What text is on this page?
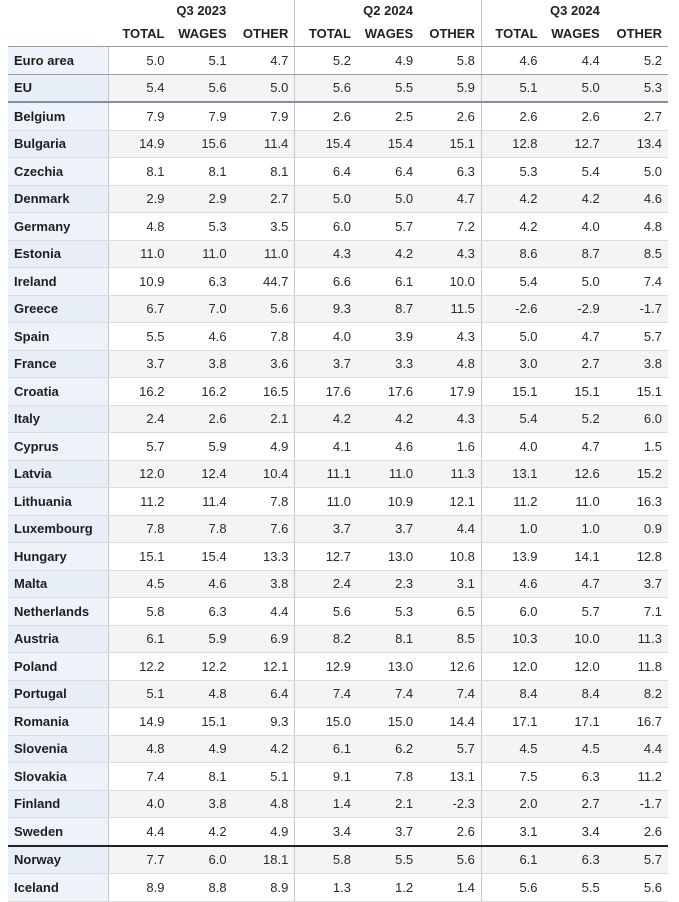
	Q3 2023			Q2 2024			Q3 2024		
	TOTAL	WAGES	OTHER	TOTAL	WAGES	OTHER	TOTAL	WAGES	OTHER
Euro area	5.0	5.1	4.7	5.2	4.9	5.8	4.6	4.4	5.2
EU	5.4	5.6	5.0	5.6	5.5	5.9	5.1	5.0	5.3
Belgium	7.9	7.9	7.9	2.6	2.5	2.6	2.6	2.6	2.7
Bulgaria	14.9	15.6	11.4	15.4	15.4	15.1	12.8	12.7	13.4
Czechia	8.1	8.1	8.1	6.4	6.4	6.3	5.3	5.4	5.0
Denmark	2.9	2.9	2.7	5.0	5.0	4.7	4.2	4.2	4.6
Germany	4.8	5.3	3.5	6.0	5.7	7.2	4.2	4.0	4.8
Estonia	11.0	11.0	11.0	4.3	4.2	4.3	8.6	8.7	8.5
Ireland	10.9	6.3	44.7	6.6	6.1	10.0	5.4	5.0	7.4
Greece	6.7	7.0	5.6	9.3	8.7	11.5	-2.6	-2.9	-1.7
Spain	5.5	4.6	7.8	4.0	3.9	4.3	5.0	4.7	5.7
France	3.7	3.8	3.6	3.7	3.3	4.8	3.0	2.7	3.8
Croatia	16.2	16.2	16.5	17.6	17.6	17.9	15.1	15.1	15.1
Italy	2.4	2.6	2.1	4.2	4.2	4.3	5.4	5.2	6.0
Cyprus	5.7	5.9	4.9	4.1	4.6	1.6	4.0	4.7	1.5
Latvia	12.0	12.4	10.4	11.1	11.0	11.3	13.1	12.6	15.2
Lithuania	11.2	11.4	7.8	11.0	10.9	12.1	11.2	11.0	16.3
Luxembourg	7.8	7.8	7.6	3.7	3.7	4.4	1.0	1.0	0.9
Hungary	15.1	15.4	13.3	12.7	13.0	10.8	13.9	14.1	12.8
Malta	4.5	4.6	3.8	2.4	2.3	3.1	4.6	4.7	3.7
Netherlands	5.8	6.3	4.4	5.6	5.3	6.5	6.0	5.7	7.1
Austria	6.1	5.9	6.9	8.2	8.1	8.5	10.3	10.0	11.3
Poland	12.2	12.2	12.1	12.9	13.0	12.6	12.0	12.0	11.8
Portugal	5.1	4.8	6.4	7.4	7.4	7.4	8.4	8.4	8.2
Romania	14.9	15.1	9.3	15.0	15.0	14.4	17.1	17.1	16.7
Slovenia	4.8	4.9	4.2	6.1	6.2	5.7	4.5	4.5	4.4
Slovakia	7.4	8.1	5.1	9.1	7.8	13.1	7.5	6.3	11.2
Finland	4.0	3.8	4.8	1.4	2.1	-2.3	2.0	2.7	-1.7
Sweden	4.4	4.2	4.9	3.4	3.7	2.6	3.1	3.4	2.6
Norway	7.7	6.0	18.1	5.8	5.5	5.6	6.1	6.3	5.7
Iceland	8.9	8.8	8.9	1.3	1.2	1.4	5.6	5.5	5.6
